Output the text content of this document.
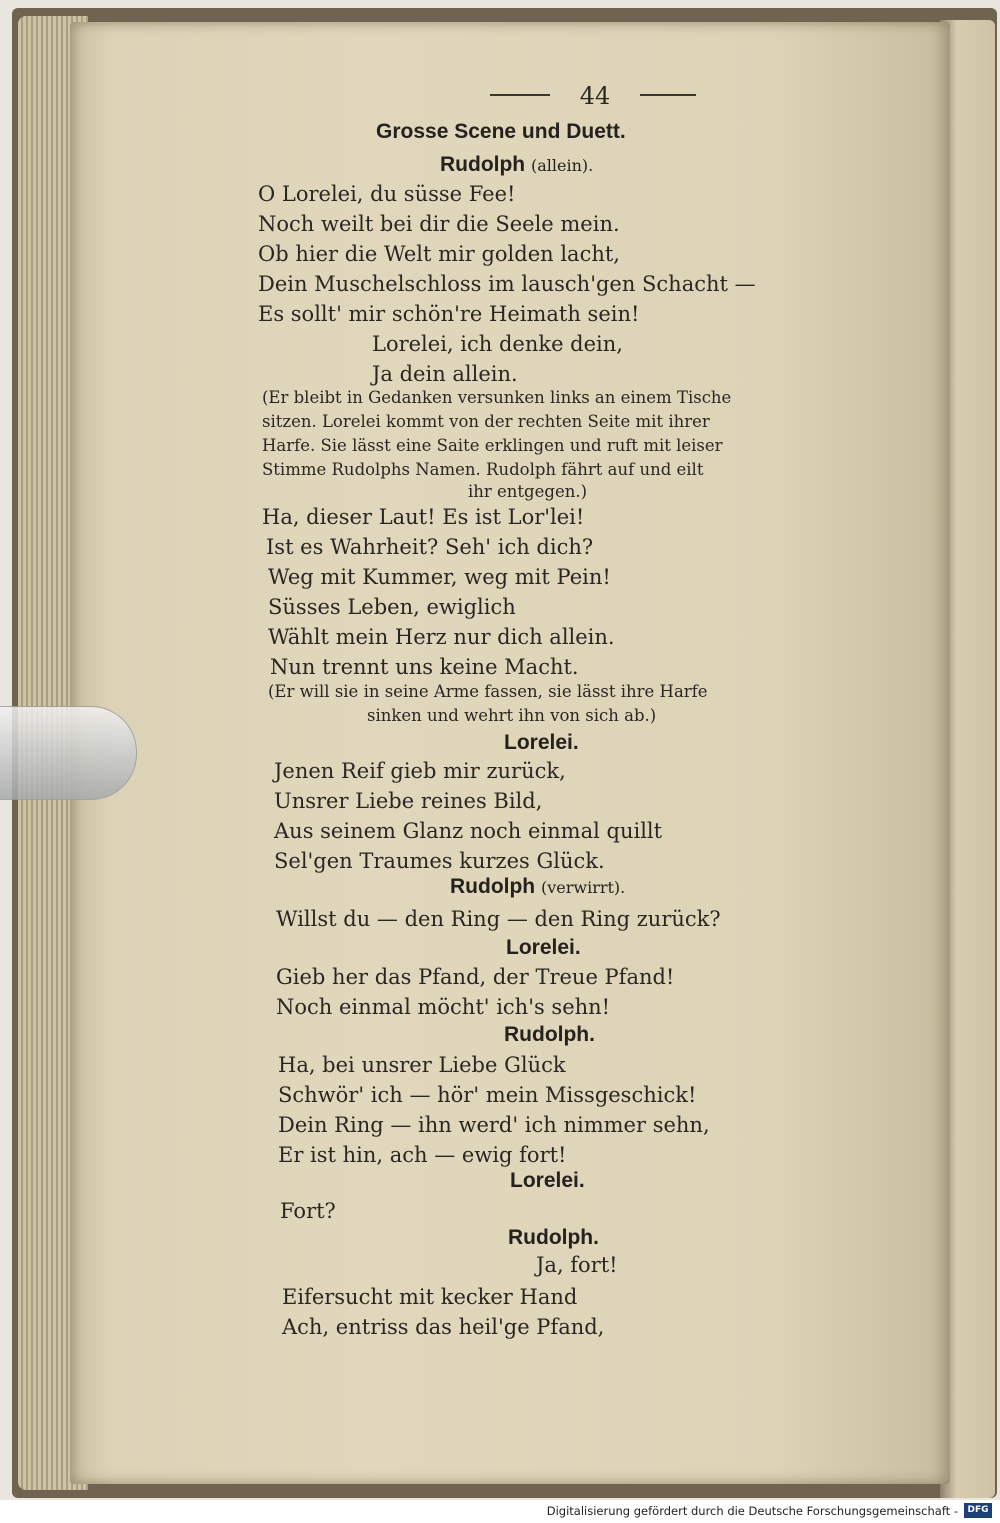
44
Grosse Scene und Duett.
Rudolph (allein).
O Lorelei, du süsse Fee!
Noch weilt bei dir die Seele mein.
Ob hier die Welt mir golden lacht,
Dein Muschelschloss im lausch'gen Schacht —
Es sollt' mir schön're Heimath sein!
Lorelei, ich denke dein,
Ja dein allein.
(Er bleibt in Gedanken versunken links an einem Tische
sitzen. Lorelei kommt von der rechten Seite mit ihrer
Harfe. Sie lässt eine Saite erklingen und ruft mit leiser
Stimme Rudolphs Namen. Rudolph fährt auf und eilt
ihr entgegen.)
Ha, dieser Laut! Es ist Lor'lei!
Ist es Wahrheit? Seh' ich dich?
Weg mit Kummer, weg mit Pein!
Süsses Leben, ewiglich
Wählt mein Herz nur dich allein.
Nun trennt uns keine Macht.
(Er will sie in seine Arme fassen, sie lässt ihre Harfe
sinken und wehrt ihn von sich ab.)
Lorelei.
Jenen Reif gieb mir zurück,
Unsrer Liebe reines Bild,
Aus seinem Glanz noch einmal quillt
Sel'gen Traumes kurzes Glück.
Rudolph (verwirrt).
Willst du — den Ring — den Ring zurück?
Lorelei.
Gieb her das Pfand, der Treue Pfand!
Noch einmal möcht' ich's sehn!
Rudolph.
Ha, bei unsrer Liebe Glück
Schwör' ich — hör' mein Missgeschick!
Dein Ring — ihn werd' ich nimmer sehn,
Er ist hin, ach — ewig fort!
Lorelei.
Fort?
Rudolph.
Ja, fort!
Eifersucht mit kecker Hand
Ach, entriss das heil'ge Pfand,
Digitalisierung gefördert durch die Deutsche Forschungsgemeinschaft -	DFG
